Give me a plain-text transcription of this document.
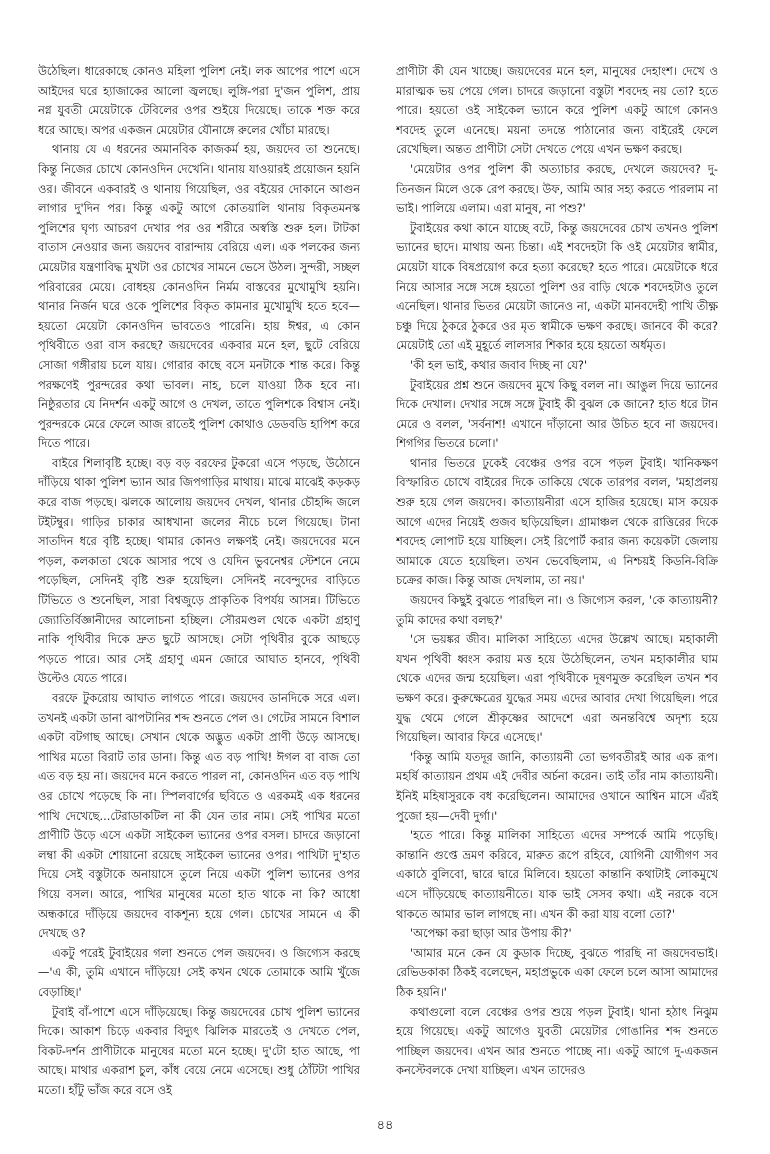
উঠেছিল। ধারেকাছে কোনও মহিলা পুলিশ নেই। লক আপের পাশে এসে আইদের ঘরে হ্যাজাকের আলো জ্বলছে। লুঙ্গি-পরা দু'জন পুলিশ, প্রায় নগ্ন যুবতী মেয়েটাকে টেবিলের ওপর শুইয়ে দিয়েছে। তাকে শক্ত করে ধরে আছে। অপর একজন মেয়েটার যৌনাঙ্গে রুলের খোঁচা মারছে।

থানায় যে এ ধরনের অমানবিক কাজকর্ম হয়, জয়দেব তা শুনেছে। কিন্তু নিজের চোখে কোনওদিন দেখেনি। থানায় যাওয়ারই প্রয়োজন হয়নি ওর। জীবনে একবারই ও থানায় গিয়েছিল, ওর বইয়ের দোকানে আগুন লাগার দু'দিন পর। কিন্তু একটু আগে কোতয়ালি থানায় বিকৃতমনস্ক পুলিশের ঘৃণ্য আচরণ দেখার পর ওর শরীরে অস্বস্তি শুরু হল। টাটকা বাতাস নেওয়ার জন্য জয়দেব বারান্দায় বেরিয়ে এল। এক পলকের জন্য মেয়েটার যন্ত্রণাবিদ্ধ মুখটা ওর চোখের সামনে ভেসে উঠল। সুন্দরী, সচ্ছল পরিবারের মেয়ে। বোধহয় কোনওদিন নির্মম বাস্তবের মুখোমুখি হয়নি। থানার নির্জন ঘরে ওকে পুলিশের বিকৃত কামনার মুখোমুখি হতে হবে—হয়তো মেয়েটা কোনওদিন ভাবতেও পারেনি। হায় ঈশ্বর, এ কোন পৃথিবীতে ওরা বাস করছে? জয়দেবের একবার মনে হল, ছুটে বেরিয়ে সোজা গঙ্গীরায় চলে যায়। গোরার কাছে বসে মনটাকে শান্ত করে। কিন্তু পরক্ষণেই পুরন্দরের কথা ভাবল। নাহ, চলে যাওয়া ঠিক হবে না। নিষ্ঠুরতার যে নিদর্শন একটু আগে ও দেখল, তাতে পুলিশকে বিশ্বাস নেই। পুরন্দরকে মেরে ফেলে আজ রাতেই পুলিশ কোথাও ডেডবডি হাপিশ করে দিতে পারে।

বাইরে শিলাবৃষ্টি হচ্ছে। বড় বড় বরফের টুকরো এসে পড়ছে, উঠোনে দাঁড়িয়ে থাকা পুলিশ ভ্যান আর জিপগাড়ির মাথায়। মাঝে মাঝেই কড়কড় করে বাজ পড়ছে। ঝলকে আলোয় জয়দেব দেখল, থানার চৌহদ্দি জলে টইটম্বুর। গাড়ির চাকার আধখানা জলের নীচে চলে গিয়েছে। টানা সাতদিন ধরে বৃষ্টি হচ্ছে। থামার কোনও লক্ষণই নেই। জয়দেবের মনে পড়ল, কলকাতা থেকে আসার পথে ও যেদিন ভুবনেশ্বর স্টেশনে নেমে পড়েছিল, সেদিনই বৃষ্টি শুরু হয়েছিল। সেদিনই নবেন্দুদের বাড়িতে টিভিতে ও শুনেছিল, সারা বিশ্বজুড়ে প্রাকৃতিক বিপর্যয় আসন্ন। টিভিতে জ্যোতির্বিজ্ঞানীদের আলোচনা হচ্ছিল। সৌরমণ্ডল থেকে একটা গ্রহাণু নাকি পৃথিবীর দিকে দ্রুত ছুটে আসছে। সেটা পৃথিবীর বুকে আছড়ে পড়তে পারে। আর সেই গ্রহাণু এমন জোরে আঘাত হানবে, পৃথিবী উল্টেও যেতে পারে।

বরফে টুকরোয় আঘাত লাগতে পারে। জয়দেব ডানদিকে সরে এল। তখনই একটা ডানা ঝাপটানির শব্দ শুনতে পেল ও। গেটের সামনে বিশাল একটা বটগাছ আছে। সেখান থেকে অদ্ভুত একটা প্রাণী উড়ে আসছে। পাখির মতো বিরাট তার ডানা। কিন্তু এত বড় পাখি! ঈগল বা বাজ তো এত বড় হয় না। জয়দেব মনে করতে পারল না, কোনওদিন এত বড় পাখি ওর চোখে পড়েছে কি না। স্পিলবার্গের ছবিতে ও এরকমই এক ধরনের পাখি দেখেছে...টেরাডাকটিল না কী যেন তার নাম। সেই পাখির মতো প্রাণীটি উড়ে এসে একটা সাইকেল ভ্যানের ওপর বসল। চাদরে জড়ানো লম্বা কী একটা শোয়ানো রয়েছে সাইকেল ভ্যানের ওপর। পাখিটা দু'হাত দিয়ে সেই বস্তুটাকে অনায়াসে তুলে নিয়ে একটা পুলিশ ভ্যানের ওপর গিয়ে বসল। আরে, পাখির মানুষের মতো হাত থাকে না কি? আধো অন্ধকারে দাঁড়িয়ে জয়দেব বাকশূন্য হয়ে গেল। চোখের সামনে এ কী দেখছে ও?

একটু পরেই টুবাইয়ের গলা শুনতে পেল জয়দেব। ও জিগ্যেস করছে—'এ কী, তুমি এখানে দাঁড়িয়ে! সেই কখন থেকে তোমাকে আমি খুঁজে বেড়াচ্ছি।'

টুবাই বাঁ-পাশে এসে দাঁড়িয়েছে। কিন্তু জয়দেবের চোখ পুলিশ ভ্যানের দিকে। আকাশ চিড়ে একবার বিদ্যুৎ ঝিলিক মারতেই ও দেখতে পেল, বিকট-দর্শন প্রাণীটাকে মানুষের মতো মনে হচ্ছে। দু'টো হাত আছে, পা আছে। মাথার একরাশ চুল, কাঁধ বেয়ে নেমে এসেছে। শুধু ঠোঁটটা পাখির মতো। হাঁটু ভাঁজ করে বসে ওই

প্রাণীটা কী যেন খাচ্ছে। জয়দেবের মনে হল, মানুষের দেহাংশ। দেখে ও মারাত্মক ভয় পেয়ে গেল। চাদরে জড়ানো বস্তুটা শবদেহ নয় তো? হতে পারে। হয়তো ওই সাইকেল ভ্যানে করে পুলিশ একটু আগে কোনও শবদেহ তুলে এনেছে। ময়না তদন্তে পাঠানোর জন্য বাইরেই ফেলে রেখেছিল। অন্তত প্রাণীটা সেটা দেখতে পেয়ে এখন ভক্ষণ করছে।

'মেয়েটার ওপর পুলিশ কী অত্যাচার করছে, দেখলে জয়দেব? দু-তিনজন মিলে ওকে রেপ করছে। উফ, আমি আর সহ্য করতে পারলাম না ভাই। পালিয়ে এলাম। এরা মানুষ, না পশু?'

টুবাইয়ের কথা কানে যাচ্ছে বটে, কিন্তু জয়দেবের চোখ তখনও পুলিশ ভ্যানের ছাদে। মাথায় অন্য চিন্তা। এই শবদেহটা কি ওই মেয়েটার স্বামীর, মেয়েটা যাকে বিষপ্রয়োগ করে হত্যা করেছে? হতে পারে। মেয়েটাকে ধরে নিয়ে আসার সঙ্গে সঙ্গে হয়তো পুলিশ ওর বাড়ি থেকে শবদেহটাও তুলে এনেছিল। থানার ভিতর মেয়েটা জানেও না, একটা মানবদেহী পাখি তীক্ষ্ণ চঞ্চু দিয়ে ঠুকরে ঠুকরে ওর মৃত স্বামীকে ভক্ষণ করছে। জানবে কী করে? মেয়েটাই তো এই মুহূর্তে লালসার শিকার হয়ে হয়তো অর্ধমৃত।

'কী হল ভাই, কথার জবাব দিচ্ছ না যে?'

টুবাইয়ের প্রশ্ন শুনে জয়দেব মুখে কিছু বলল না। আঙুল দিয়ে ভ্যানের দিকে দেখাল। দেখার সঙ্গে সঙ্গে টুবাই কী বুঝল কে জানে? হাত ধরে টান মেরে ও বলল, 'সর্বনাশ! এখানে দাঁড়ানো আর উচিত হবে না জয়দেব। শিগগির ভিতরে চলো।'

থানার ভিতরে ঢুকেই বেঞ্চের ওপর বসে পড়ল টুবাই। খানিকক্ষণ বিস্ফারিত চোখে বাইরের দিকে তাকিয়ে থেকে তারপর বলল, 'মহাপ্রলয় শুরু হয়ে গেল জয়দেব। কাত্যায়নীরা এসে হাজির হয়েছে। মাস কয়েক আগে এদের নিয়েই গুজব ছড়িয়েছিল। গ্রামাঞ্চল থেকে রাত্তিরের দিকে শবদেহ লোপাট হয়ে যাচ্ছিল। সেই রিপোর্ট করার জন্য কয়েকটা জেলায় আমাকে যেতে হয়েছিল। তখন ভেবেছিলাম, এ নিশ্চয়ই কিডনি-বিক্রি চক্রের কাজ। কিন্তু আজ দেখলাম, তা নয়।'

জয়দেব কিছুই বুঝতে পারছিল না। ও জিগ্যেস করল, 'কে কাত্যায়নী? তুমি কাদের কথা বলছ?'

'সে ভয়ঙ্কর জীব। মালিকা সাহিত্যে এদের উল্লেখ আছে। মহাকালী যখন পৃথিবী ধ্বংস করায় মত্ত হয়ে উঠেছিলেন, তখন মহাকালীর ঘাম থেকে এদের জন্ম হয়েছিল। এরা পৃথিবীকে দূষণমুক্ত করেছিল তখন শব ভক্ষণ করে। কুরুক্ষেত্রের যুদ্ধের সময় এদের আবার দেখা গিয়েছিল। পরে যুদ্ধ থেমে গেলে শ্রীকৃষ্ণের আদেশে এরা অনন্তবিশ্বে অদৃশ্য হয়ে গিয়েছিল। আবার ফিরে এসেছে।'

'কিন্তু আমি যতদূর জানি, কাত্যায়নী তো ভগবতীরই আর এক রূপ। মহর্ষি কাত্যায়ন প্রথম এই দেবীর অর্চনা করেন। তাই তাঁর নাম কাত্যায়নী। ইনিই মহিষাসুরকে বধ করেছিলেন। আমাদের ওখানে আশ্বিন মাসে এঁরই পুজো হয়—দেবী দুর্গা।'

'হতে পারে। কিন্তু মালিকা সাহিত্যে এদের সম্পর্কে আমি পড়েছি। কান্তানি গুপ্তে ভ্রমণ করিবে, মারুত রূপে রহিবে, যোগিনী যোগীগণ সব একাঠে বুলিবো, দ্বারে দ্বারে মিলিবে। হয়তো কান্তানি কথাটাই লোকমুখে এসে দাঁড়িয়েছে কাত্যায়নীতে। যাক ভাই সেসব কথা। এই নরকে বসে থাকতে আমার ভাল লাগছে না। এখন কী করা যায় বলো তো?'

'অপেক্ষা করা ছাড়া আর উপায় কী?'

'আমার মনে কেন যে কুডাক দিচ্ছে, বুঝতে পারছি না জয়দেবভাই। রেভিডকাকা ঠিকই বলেছেন, মহাপ্রভুকে একা ফেলে চলে আসা আমাদের ঠিক হয়নি।'

কথাগুলো বলে বেঞ্চের ওপর শুয়ে পড়ল টুবাই। থানা হঠাৎ নিঝুম হয়ে গিয়েছে। একটু আগেও যুবতী মেয়েটার গোঙানির শব্দ শুনতে পাচ্ছিল জয়দেব। এখন আর শুনতে পাচ্ছে না। একটু আগে দু-একজন কনস্টেবলকে দেখা যাচ্ছিল। এখন তাদেরও

৪৪
